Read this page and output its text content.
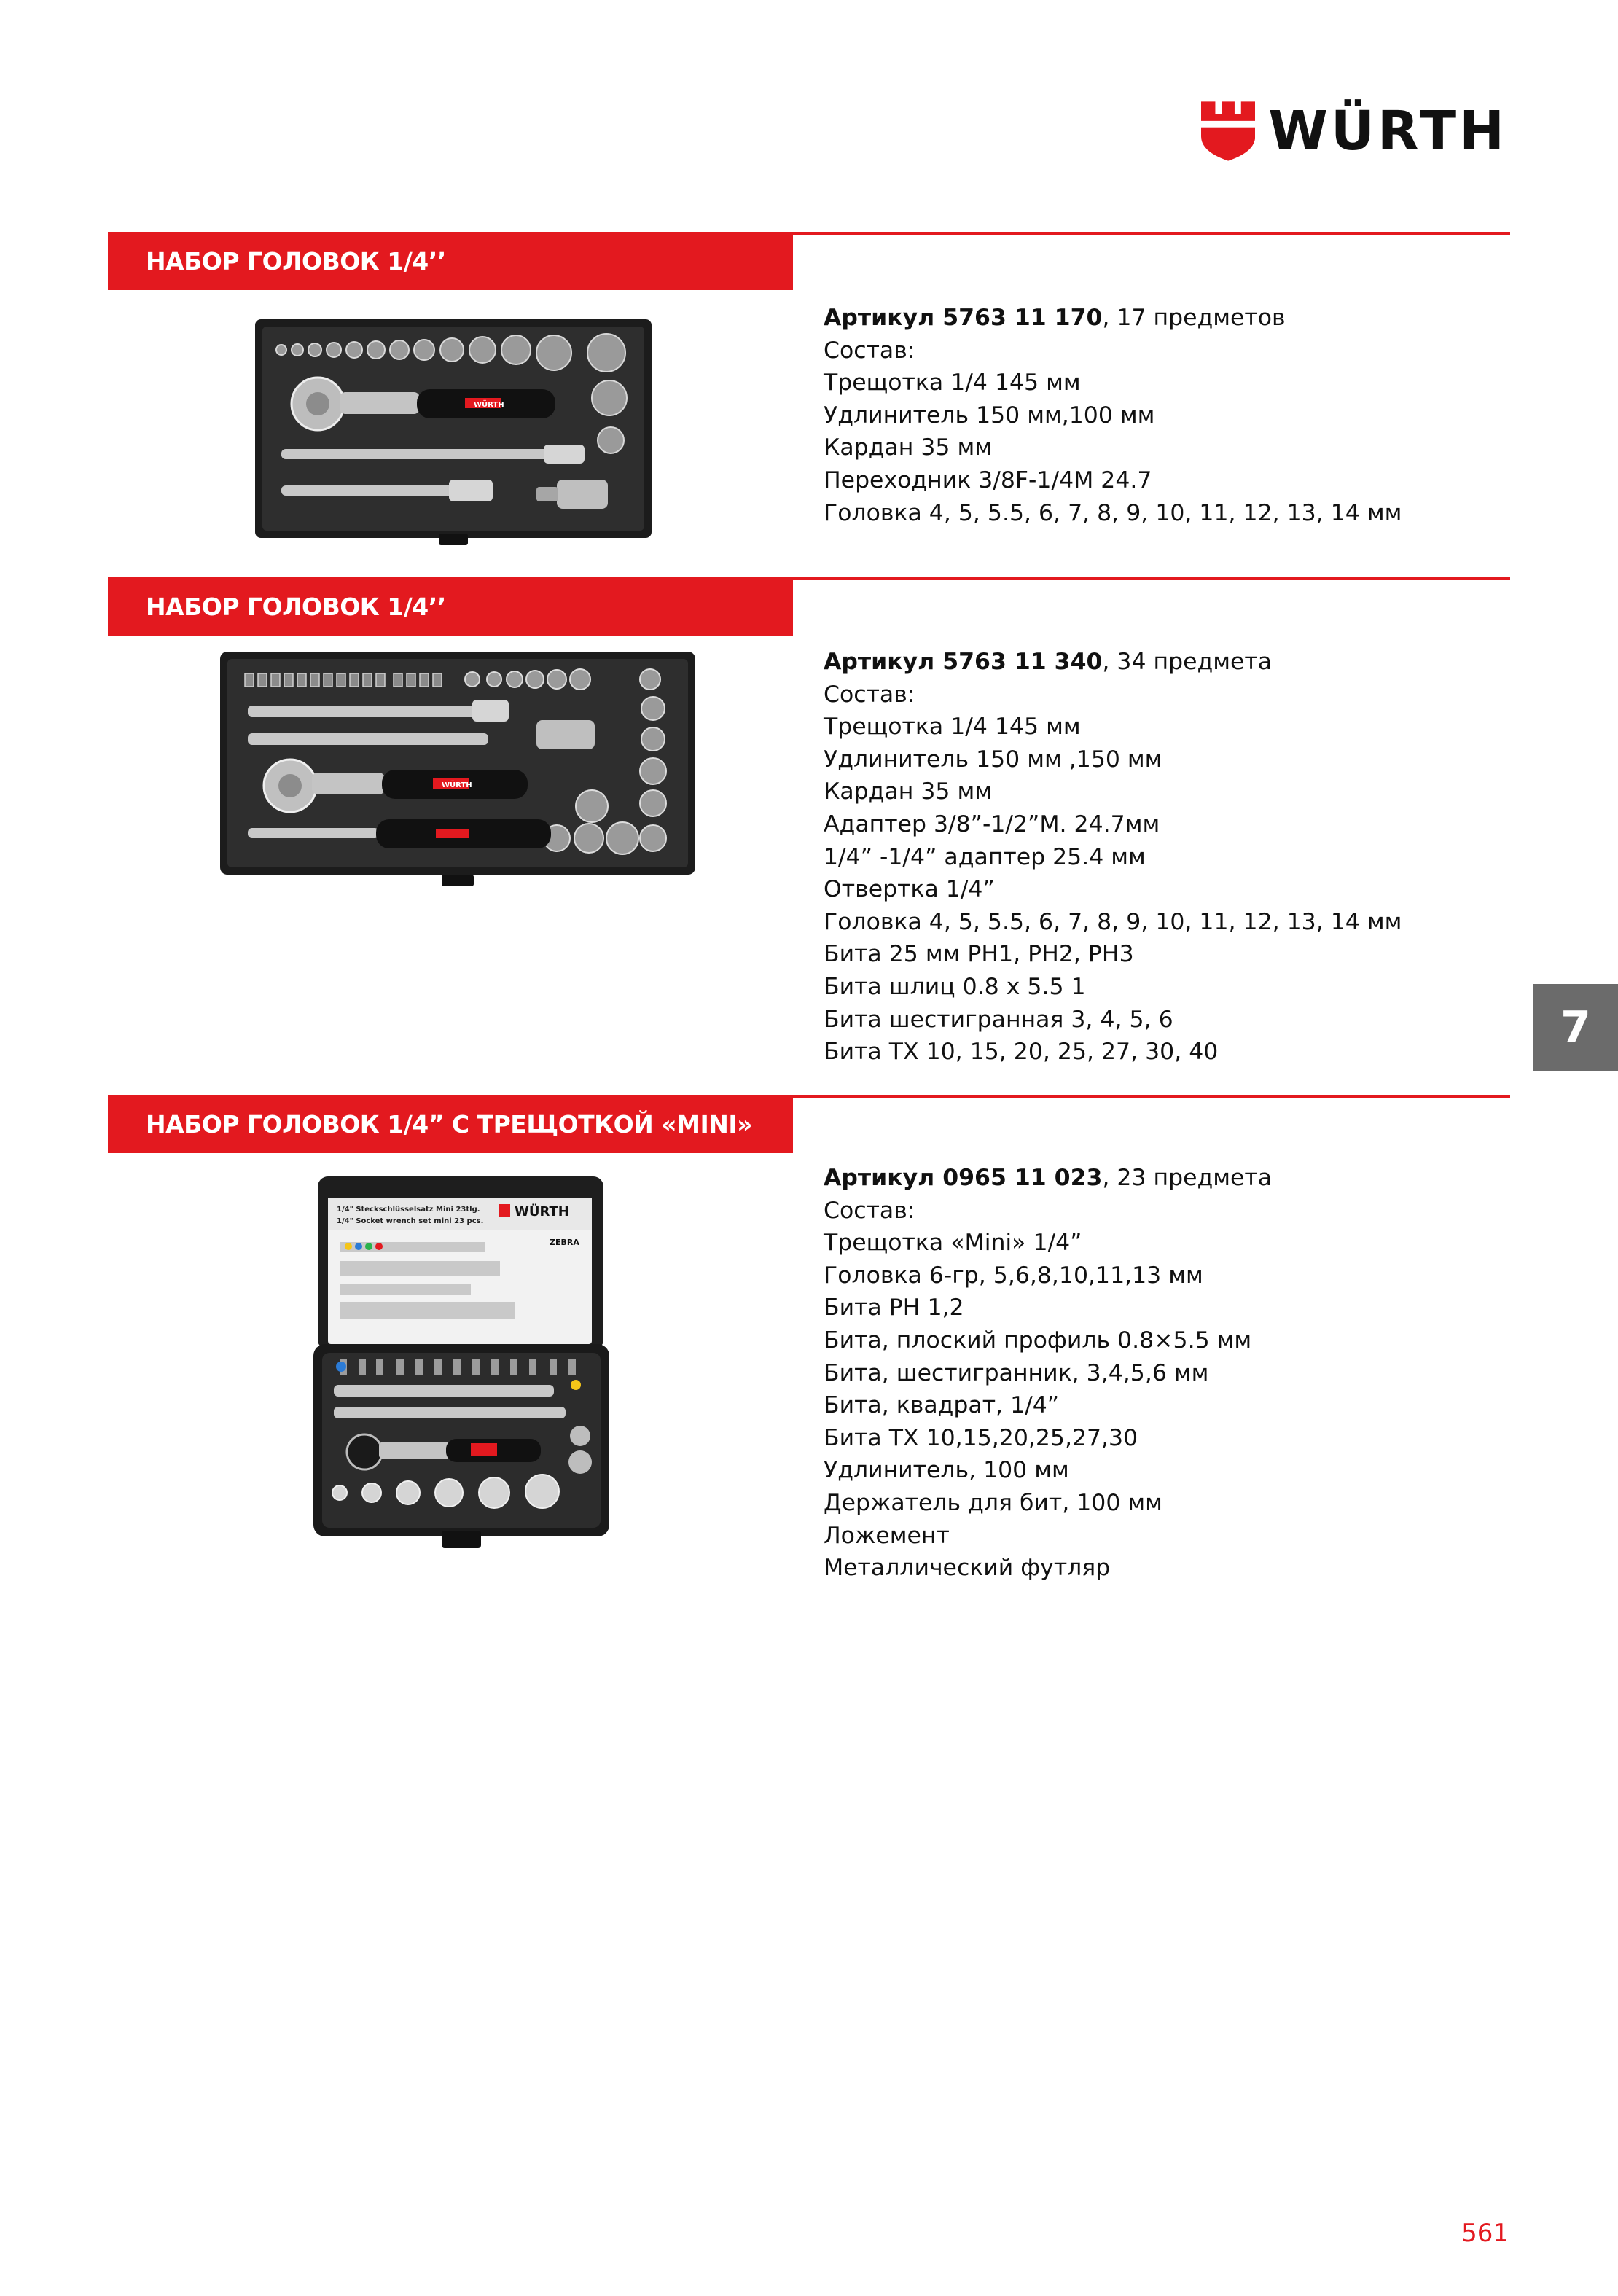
WÜRTH
НАБОР ГОЛОВОК 1/4’’
WÜRTH
Артикул 5763 11 170, 17 предметов
Состав:
Трещотка 1/4 145 мм
Удлинитель 150 мм,100 мм
Кардан 35 мм
Переходник 3/8F-1/4M 24.7
Головка 4, 5, 5.5, 6, 7, 8, 9, 10, 11, 12, 13, 14 мм
НАБОР ГОЛОВОК 1/4’’
WÜRTH
Артикул 5763 11 340, 34 предмета
Состав:
Трещотка 1/4 145 мм
Удлинитель 150 мм ,150 мм
Кардан 35 мм
Адаптер 3/8”-1/2”М. 24.7мм
1/4” -1/4” адаптер 25.4 мм
Отвертка 1/4”
Головка 4, 5, 5.5, 6, 7, 8, 9, 10, 11, 12, 13, 14 мм
Бита 25 мм PH1, PH2, PH3
Бита шлиц 0.8 х 5.5 1
Бита шестигранная 3, 4, 5, 6
Бита TX 10, 15, 20, 25, 27, 30, 40	7
НАБОР ГОЛОВОК 1/4” С ТРЕЩОТКОЙ «MINI»
1/4" Steckschlüsselsatz Mini 23tlg.
1/4" Socket wrench set mini 23 pcs.
WÜRTH
ZEBRA
Артикул 0965 11 023, 23 предмета
Состав:
Трещотка «Mini» 1/4”
Головка 6-гр, 5,6,8,10,11,13 мм
Бита PH 1,2
Бита, плоский профиль 0.8×5.5 мм
Бита, шестигранник, 3,4,5,6 мм
Бита, квадрат, 1/4”
Бита TX 10,15,20,25,27,30
Удлинитель, 100 мм
Держатель для бит, 100 мм
Ложемент
Металлический футляр
561
